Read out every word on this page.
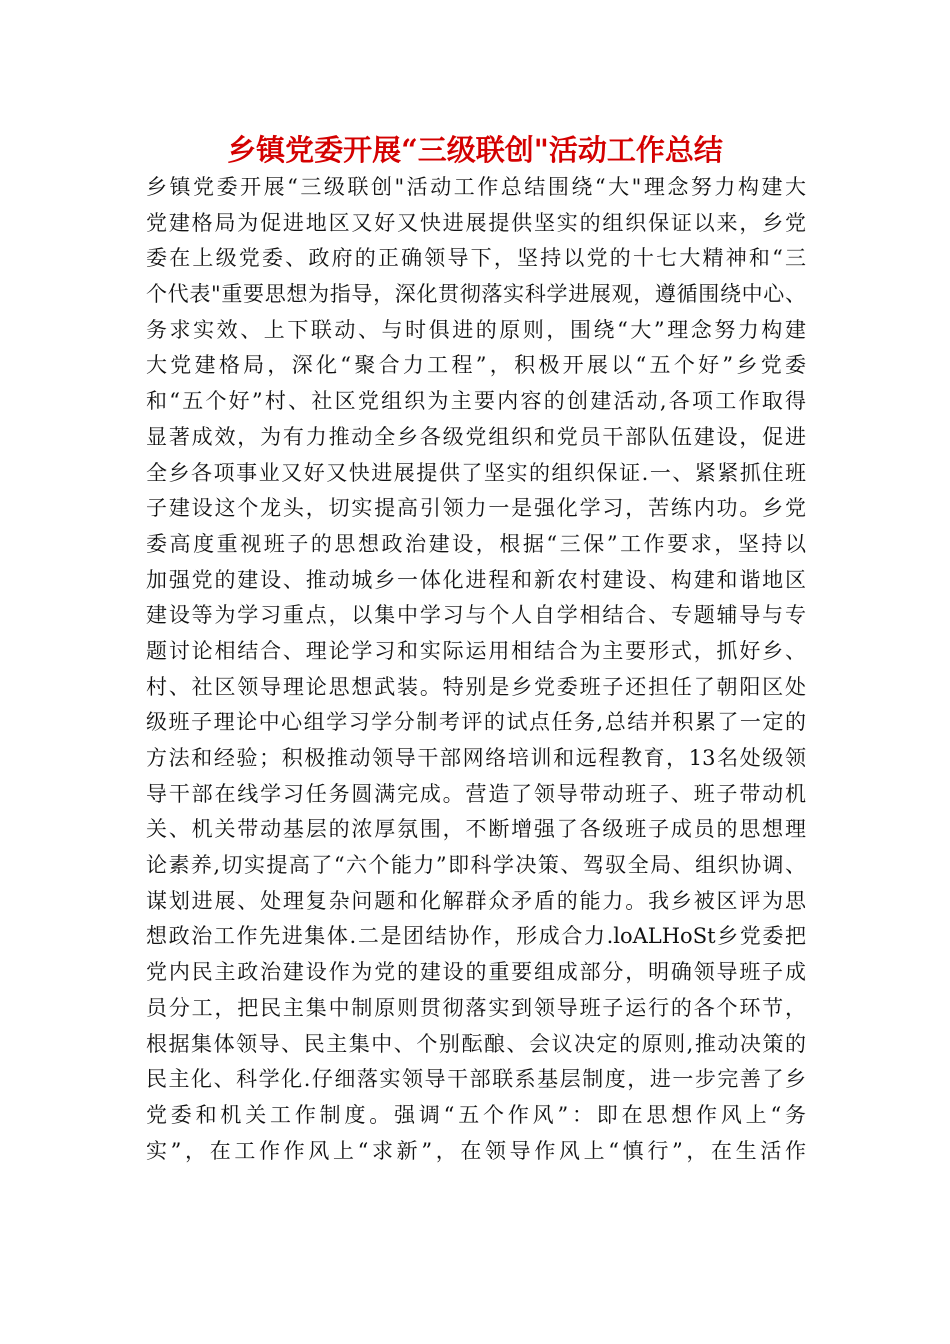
乡镇党委开展“三级联创"活动工作总结
乡镇党委开展“三级联创"活动工作总结围绕“大"理念努力构建大
党建格局为促进地区又好又快进展提供坚实的组织保证以来，乡党
委在上级党委、政府的正确领导下，坚持以党的十七大精神和“三
个代表"重要思想为指导，深化贯彻落实科学进展观，遵循围绕中心、
务求实效、上下联动、与时俱进的原则，围绕“大”理念努力构建
大党建格局，深化“聚合力工程”，积极开展以“五个好”乡党委
和“五个好”村、社区党组织为主要内容的创建活动,各项工作取得
显著成效，为有力推动全乡各级党组织和党员干部队伍建设，促进
全乡各项事业又好又快进展提供了坚实的组织保证.一、紧紧抓住班
子建设这个龙头，切实提高引领力一是强化学习，苦练内功。乡党
委高度重视班子的思想政治建设，根据“三保”工作要求，坚持以
加强党的建设、推动城乡一体化进程和新农村建设、构建和谐地区
建设等为学习重点，以集中学习与个人自学相结合、专题辅导与专
题讨论相结合、理论学习和实际运用相结合为主要形式，抓好乡、
村、社区领导理论思想武装。特别是乡党委班子还担任了朝阳区处
级班子理论中心组学习学分制考评的试点任务,总结并积累了一定的
方法和经验；积极推动领导干部网络培训和远程教育，13名处级领
导干部在线学习任务圆满完成。营造了领导带动班子、班子带动机
关、机关带动基层的浓厚氛围，不断增强了各级班子成员的思想理
论素养,切实提高了“六个能力”即科学决策、驾驭全局、组织协调、
谋划进展、处理复杂问题和化解群众矛盾的能力。我乡被区评为思
想政治工作先进集体.二是团结协作，形成合力.loALHoSt乡党委把
党内民主政治建设作为党的建设的重要组成部分，明确领导班子成
员分工，把民主集中制原则贯彻落实到领导班子运行的各个环节，
根据集体领导、民主集中、个别酝酿、会议决定的原则,推动决策的
民主化、科学化.仔细落实领导干部联系基层制度，进一步完善了乡
党委和机关工作制度。强调“五个作风”：即在思想作风上“务
实”，在工作作风上“求新”，在领导作风上“慎行”，在生活作
